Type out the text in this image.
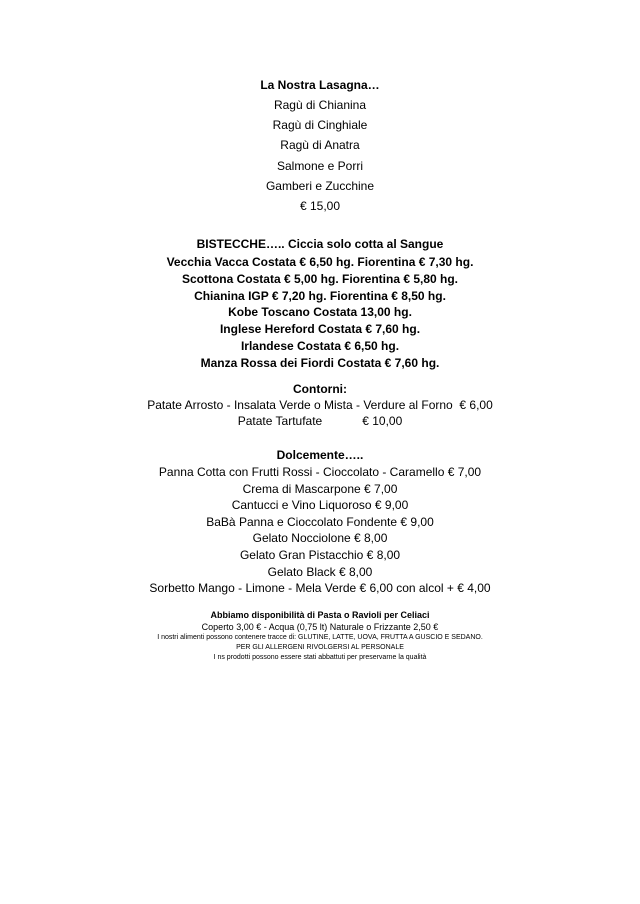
La Nostra Lasagna…
Ragù di Chianina
Ragù di Cinghiale
Ragù di Anatra
Salmone e Porri
Gamberi e Zucchine
€ 15,00
BISTECCHE….. Ciccia solo cotta al Sangue
Vecchia Vacca Costata € 6,50 hg. Fiorentina € 7,30 hg.
Scottona Costata € 5,00 hg. Fiorentina € 5,80 hg.
Chianina IGP € 7,20 hg. Fiorentina € 8,50 hg.
Kobe Toscano Costata 13,00 hg.
Inglese Hereford Costata € 7,60 hg.
Irlandese Costata € 6,50 hg.
Manza Rossa dei Fiordi Costata € 7,60 hg.
Contorni:
Patate Arrosto - Insalata Verde o Mista - Verdure al Forno  € 6,00
Patate Tartufate            € 10,00
Dolcemente…..
Panna Cotta con Frutti Rossi - Cioccolato - Caramello € 7,00
Crema di Mascarpone € 7,00
Cantucci e Vino Liquoroso € 9,00
BaBà Panna e Cioccolato Fondente € 9,00
Gelato Nocciolone € 8,00
Gelato Gran Pistacchio € 8,00
Gelato Black € 8,00
Sorbetto Mango - Limone - Mela Verde € 6,00 con alcol + € 4,00
Abbiamo disponibilità di Pasta o Ravioli per Celiaci
Coperto 3,00 € - Acqua (0,75 lt) Naturale o Frizzante 2,50 €
I nostri alimenti possono contenere tracce di: GLUTINE, LATTE, UOVA, FRUTTA A GUSCIO E SEDANO.
PER GLI ALLERGENI RIVOLGERSI AL PERSONALE
I ns prodotti possono essere stati abbattuti per preservarne la qualità
